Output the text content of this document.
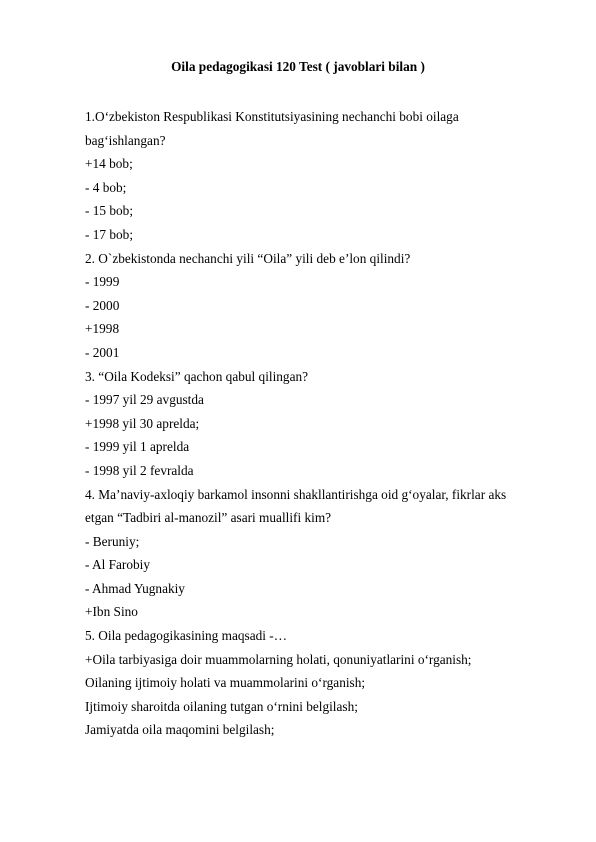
Oila pedagogikasi 120 Test ( javoblari bilan )
1.O‘zbekiston Respublikasi Konstitutsiyasining nechanchi bobi oilaga
bag‘ishlangan?
+14 bob;
- 4 bob;
- 15 bob;
- 17 bob;
2. O`zbekistonda nechanchi yili “Oila” yili deb e’lon qilindi?
- 1999
- 2000
+1998
- 2001
3. “Oila Kodeksi” qachon qabul qilingan?
- 1997 yil 29 avgustda
+1998 yil 30 aprelda;
- 1999 yil 1 aprelda
- 1998 yil 2 fevralda
4. Ma’naviy-axloqiy barkamol insonni shakllantirishga oid g‘oyalar, fikrlar aks
etgan “Tadbiri al-manozil” asari muallifi kim?
- Beruniy;
- Al Farobiy
- Ahmad Yugnakiy
+Ibn Sino
5. Oila pedagogikasining maqsadi -…
+Oila tarbiyasiga doir muammolarning holati, qonuniyatlarini o‘rganish;
Oilaning ijtimoiy holati va muammolarini o‘rganish;
Ijtimoiy sharoitda oilaning tutgan o‘rnini belgilash;
Jamiyatda oila maqomini belgilash;
